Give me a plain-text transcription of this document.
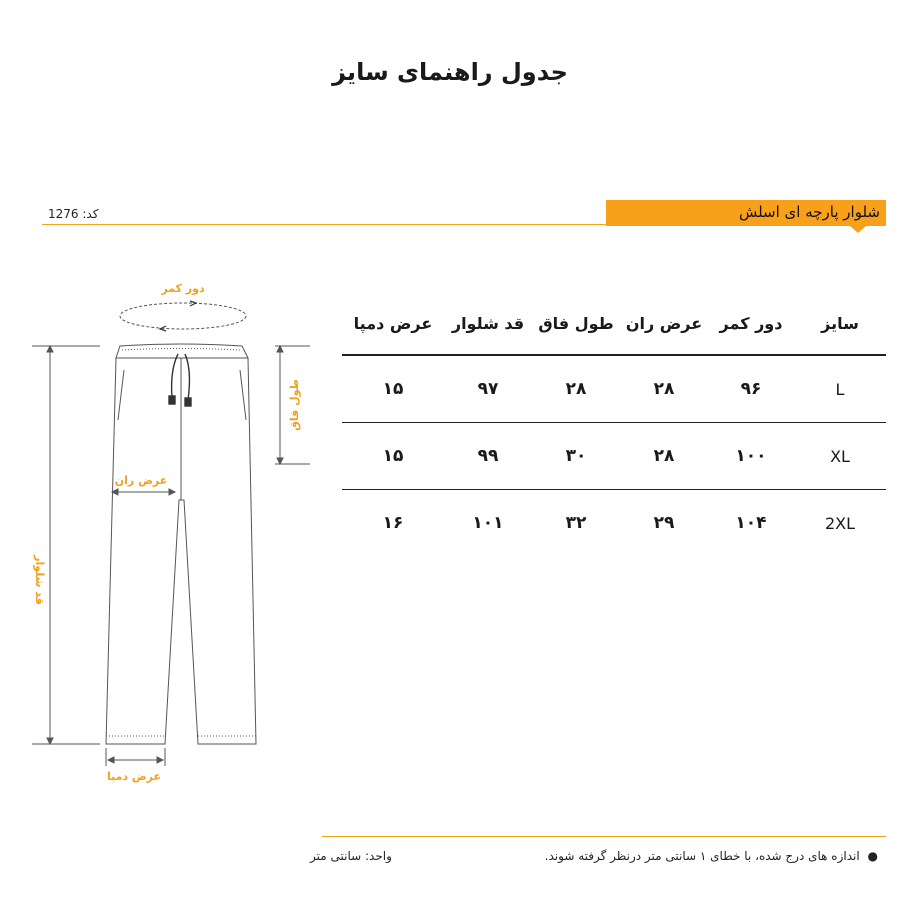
جدول راهنمای سایز
شلوار پارچه ای اسلش
کد: 1276
دور کمر
طول فاق
قد شلوار
عرض ران
عرض دمپا
سایز	دور کمر	عرض ران	طول فاق	قد شلوار	عرض دمپا
L	۹۶	۲۸	۲۸	۹۷	۱۵
XL	۱۰۰	۲۸	۳۰	۹۹	۱۵
2XL	۱۰۴	۲۹	۳۲	۱۰۱	۱۶
● اندازه های درج شده، با خطای ۱ سانتی متر درنظر گرفته شوند.
واحد: سانتی متر
